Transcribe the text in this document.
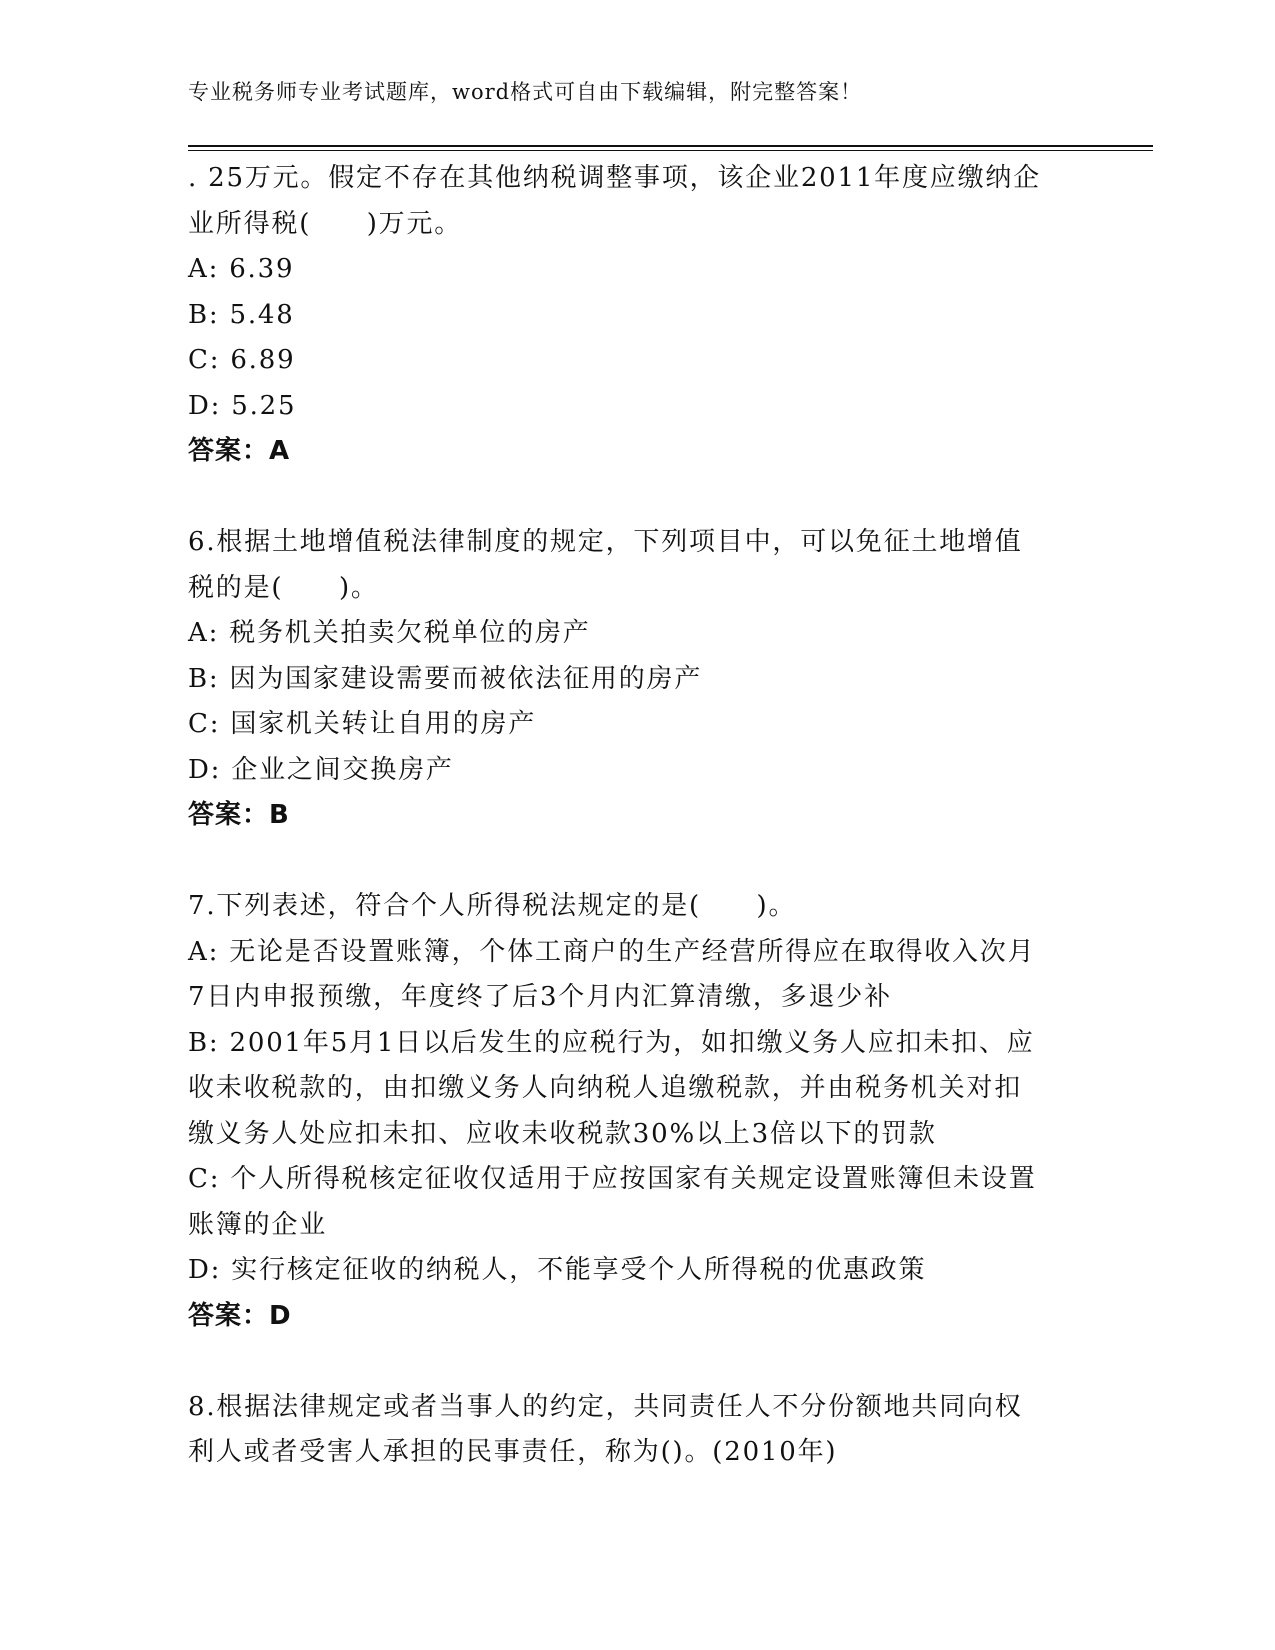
专业税务师专业考试题库，word格式可自由下载编辑，附完整答案！
. 25万元。假定不存在其他纳税调整事项，该企业2011年度应缴纳企
业所得税(　　)万元。
A: 6.39
B: 5.48
C: 6.89
D: 5.25
答案：A
6.根据土地增值税法律制度的规定，下列项目中，可以免征土地增值
税的是(　　)。
A: 税务机关拍卖欠税单位的房产
B: 因为国家建设需要而被依法征用的房产
C: 国家机关转让自用的房产
D: 企业之间交换房产
答案：B
7.下列表述，符合个人所得税法规定的是(　　)。
A: 无论是否设置账簿，个体工商户的生产经营所得应在取得收入次月
7日内申报预缴，年度终了后3个月内汇算清缴，多退少补
B: 2001年5月1日以后发生的应税行为，如扣缴义务人应扣未扣、应
收未收税款的，由扣缴义务人向纳税人追缴税款，并由税务机关对扣
缴义务人处应扣未扣、应收未收税款30%以上3倍以下的罚款
C: 个人所得税核定征收仅适用于应按国家有关规定设置账簿但未设置
账簿的企业
D: 实行核定征收的纳税人，不能享受个人所得税的优惠政策
答案：D
8.根据法律规定或者当事人的约定，共同责任人不分份额地共同向权
利人或者受害人承担的民事责任，称为()。(2010年)
